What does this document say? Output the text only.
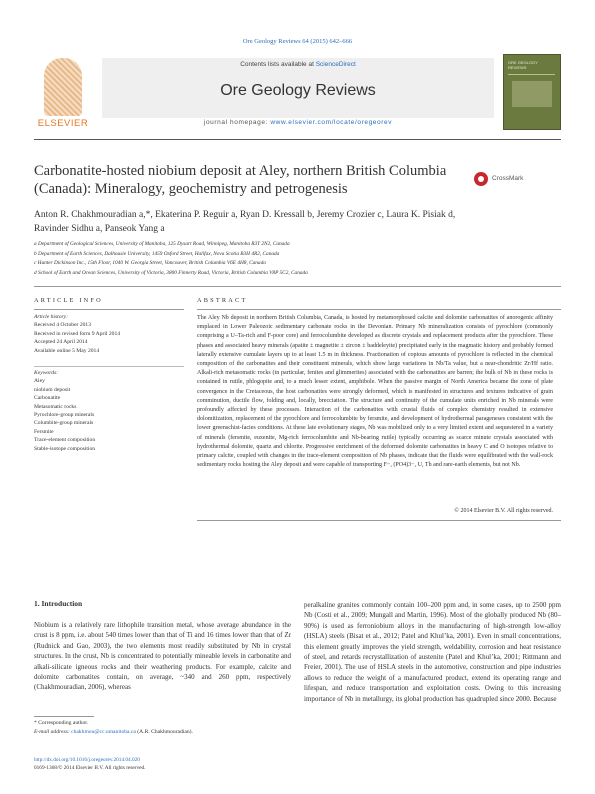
Ore Geology Reviews 64 (2015) 642–666
ELSEVIER
Contents lists available at ScienceDirect
Ore Geology Reviews
journal homepage: www.elsevier.com/locate/oregeorev
ORE GEOLOGY REVIEWS
Carbonatite-hosted niobium deposit at Aley, northern British Columbia (Canada): Mineralogy, geochemistry and petrogenesis
CrossMark
Anton R. Chakhmouradian a,*, Ekaterina P. Reguir a, Ryan D. Kressall b, Jeremy Crozier c, Laura K. Pisiak d,
Ravinder Sidhu a, Panseok Yang a
a Department of Geological Sciences, University of Manitoba, 125 Dysart Road, Winnipeg, Manitoba R3T 2N2, Canada
b Department of Earth Sciences, Dalhousie University, 1459 Oxford Street, Halifax, Nova Scotia B3H 4R2, Canada
c Hunter Dickinson Inc., 15th Floor, 1040 W. Georgia Street, Vancouver, British Columbia V6E 4H8, Canada
d School of Earth and Ocean Sciences, University of Victoria, 3800 Finnerty Road, Victoria, British Columbia V8P 5C2, Canada
ARTICLE INFO	ABSTRACT
Article history:
Received 4 October 2013
Received in revised form 9 April 2014
Accepted 24 April 2014
Available online 5 May 2014
Keywords:
Aley
niobium deposit
Carbonatite
Metasomatic rocks
Pyrochlore-group minerals
Columbite-group minerals
Fersmite
Trace-element composition
Stable-isotope composition
The Aley Nb deposit in northern British Columbia, Canada, is hosted by metamorphosed calcite and dolomite carbonatites of anorogenic affinity emplaced in Lower Paleozoic sedimentary carbonate rocks in the Devonian. Primary Nb mineralization consists of pyrochlore (commonly comprising a U–Ta-rich and F-poor core) and ferrocolumbite developed as discrete crystals and replacement products after the pyrochlore. These phases and associated heavy minerals (apatite ± magnetite ± zircon ± baddeleyite) precipitated early in the magmatic history and probably formed laterally extensive cumulate layers up to at least 1.5 m in thickness. Fractionation of copious amounts of pyrochlore is reflected in the chemical composition of the carbonatites and their constituent minerals, which show large variations in Nb/Ta value, but a near-chondritic Zr/Hf ratio. Alkali-rich metasomatic rocks (in particular, fenites and glimmerites) associated with the carbonatites are barren; the bulk of Nb in these rocks is contained in rutile, phlogopite and, to a much lesser extent, amphibole. When the passive margin of North America became the zone of plate convergence in the Cretaceous, the host carbonatites were strongly deformed, which is manifested in structures and textures indicative of grain comminution, ductile flow, folding and, locally, brecciation. The structure and continuity of the cumulate units enriched in Nb minerals were profoundly affected by these processes. Interaction of the carbonatites with crustal fluids of complex chemistry resulted in extensive dolomitization, replacement of the pyrochlore and ferrocolumbite by fersmite, and development of hydrothermal parageneses consistent with the lower greenschist-facies conditions. At these late evolutionary stages, Nb was mobilized only to a very limited extent and sequestered in a variety of minerals (fersmite, euxenite, Mg-rich ferrocolumbite and Nb-bearing rutile) typically occurring as scarce minute crystals associated with hydrothermal dolomite, quartz and chlorite. Progressive enrichment of the deformed dolomite carbonatites in heavy C and O isotopes relative to primary calcite, coupled with changes in the trace-element composition of Nb phases, indicate that the fluids were equilibrated with the wall-rock sedimentary rocks hosting the Aley deposit and were capable of transporting F−, (PO4)3−, U, Th and rare-earth elements, but not Nb.
© 2014 Elsevier B.V. All rights reserved.
1. Introduction
Niobium is a relatively rare lithophile transition metal, whose average abundance in the crust is 8 ppm, i.e. about 540 times lower than that of Ti and 16 times lower than that of Zr (Rudnick and Gao, 2003), the two elements most readily substituted by Nb in crystal structures. In the crust, Nb is concentrated to potentially mineable levels in carbonatite and alkali-silicate igneous rocks and their weathering products. For example, calcite and dolomite carbonatites contain, on average, ~340 and 260 ppm, respectively (Chakhmouradian, 2006), whereas
peralkaline granites commonly contain 100–200 ppm and, in some cases, up to 2500 ppm Nb (Costi et al., 2009; Mungall and Martin, 1996). Most of the globally produced Nb (80–90%) is used as ferroniobium alloys in the manufacturing of high-strength low-alloy (HSLA) steels (Bisat et al., 2012; Patel and Khul’ka, 2001). Even in small concentrations, this element greatly improves the yield strength, weldability, corrosion and heat resistance of steel, and retards recrystallization of austenite (Patel and Khul’ka, 2001; Rittmann and Freier, 2001). The use of HSLA steels in the automotive, construction and pipe industries allows to reduce the weight of a manufactured product, extend its operating range and lifespan, and reduce transportation and exploitation costs. Owing to this increasing importance of Nb in metallurgy, its global production has quadrupled since 2000. Because
* Corresponding author.
E-mail address: chakhmou@cc.umanitoba.ca (A.R. Chakhmouradian).
http://dx.doi.org/10.1016/j.oregeorev.2014.04.020
0169-1368/© 2014 Elsevier B.V. All rights reserved.
